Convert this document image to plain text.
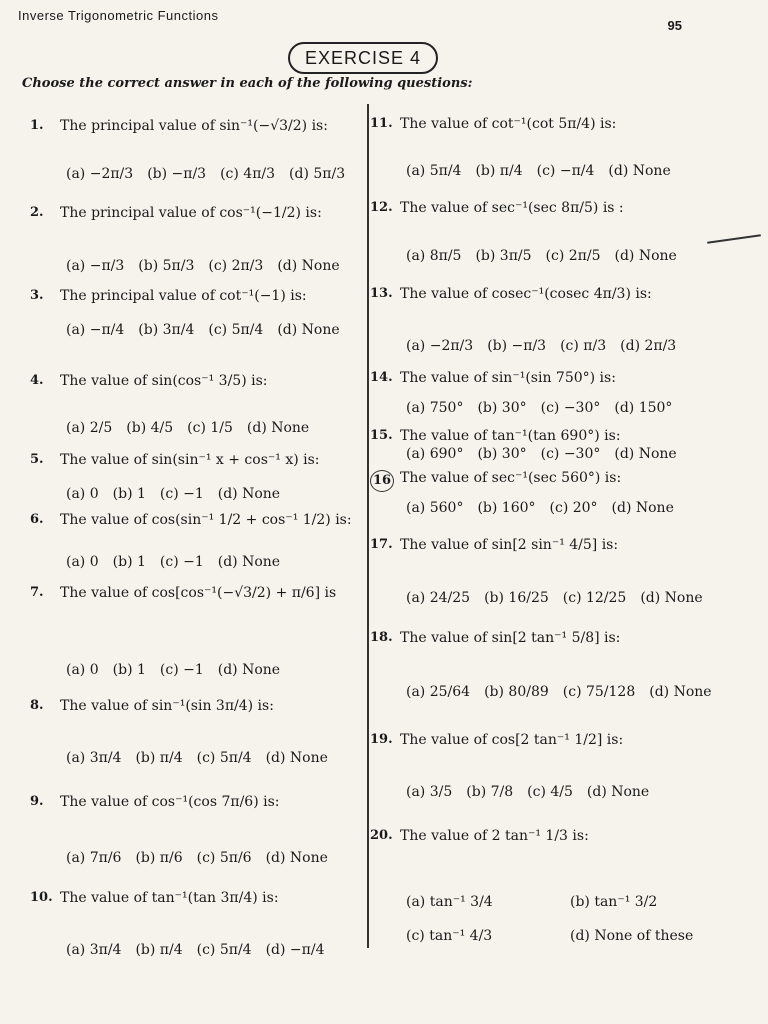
Inverse Trigonometric Functions
95
EXERCISE 4
Choose the correct answer in each of the following questions:
1. The principal value of sin⁻¹(−√3/2) is:
(a) −2π/3 (b) −π/3 (c) 4π/3 (d) 5π/3
2. The principal value of cos⁻¹(−1/2) is:
(a) −π/3 (b) 5π/3 (c) 2π/3 (d) None
3. The principal value of cot⁻¹(−1) is:
(a) −π/4 (b) 3π/4 (c) 5π/4 (d) None
4. The value of sin(cos⁻¹ 3/5) is:
(a) 2/5 (b) 4/5 (c) 1/5 (d) None
5. The value of sin(sin⁻¹ x + cos⁻¹ x) is:
(a) 0 (b) 1 (c) −1 (d) None
6. The value of cos(sin⁻¹ 1/2 + cos⁻¹ 1/2) is:
(a) 0 (b) 1 (c) −1 (d) None
7. The value of cos[cos⁻¹(−√3/2) + π/6] is
(a) 0 (b) 1 (c) −1 (d) None
8. The value of sin⁻¹(sin 3π/4) is:
(a) 3π/4 (b) π/4 (c) 5π/4 (d) None
9. The value of cos⁻¹(cos 7π/6) is:
(a) 7π/6 (b) π/6 (c) 5π/6 (d) None
10. The value of tan⁻¹(tan 3π/4) is:
(a) 3π/4 (b) π/4 (c) 5π/4 (d) −π/4
11. The value of cot⁻¹(cot 5π/4) is:
(a) 5π/4 (b) π/4 (c) −π/4 (d) None
12. The value of sec⁻¹(sec 8π/5) is :
(a) 8π/5 (b) 3π/5 (c) 2π/5 (d) None
13. The value of cosec⁻¹(cosec 4π/3) is:
(a) −2π/3 (b) −π/3 (c) π/3 (d) 2π/3
14. The value of sin⁻¹(sin 750°) is:
(a) 750° (b) 30° (c) −30° (d) 150°
15. The value of tan⁻¹(tan 690°) is:
(a) 690° (b) 30° (c) −30° (d) None
16 The value of sec⁻¹(sec 560°) is:
(a) 560° (b) 160° (c) 20° (d) None
17. The value of sin[2 sin⁻¹ 4/5] is:
(a) 24/25 (b) 16/25 (c) 12/25 (d) None
18. The value of sin[2 tan⁻¹ 5/8] is:
(a) 25/64 (b) 80/89 (c) 75/128 (d) None
19. The value of cos[2 tan⁻¹ 1/2] is:
(a) 3/5 (b) 7/8 (c) 4/5 (d) None
20. The value of 2 tan⁻¹ 1/3 is:
(a) tan⁻¹ 3/4	(b) tan⁻¹ 3/2
(c) tan⁻¹ 4/3	(d) None of these
